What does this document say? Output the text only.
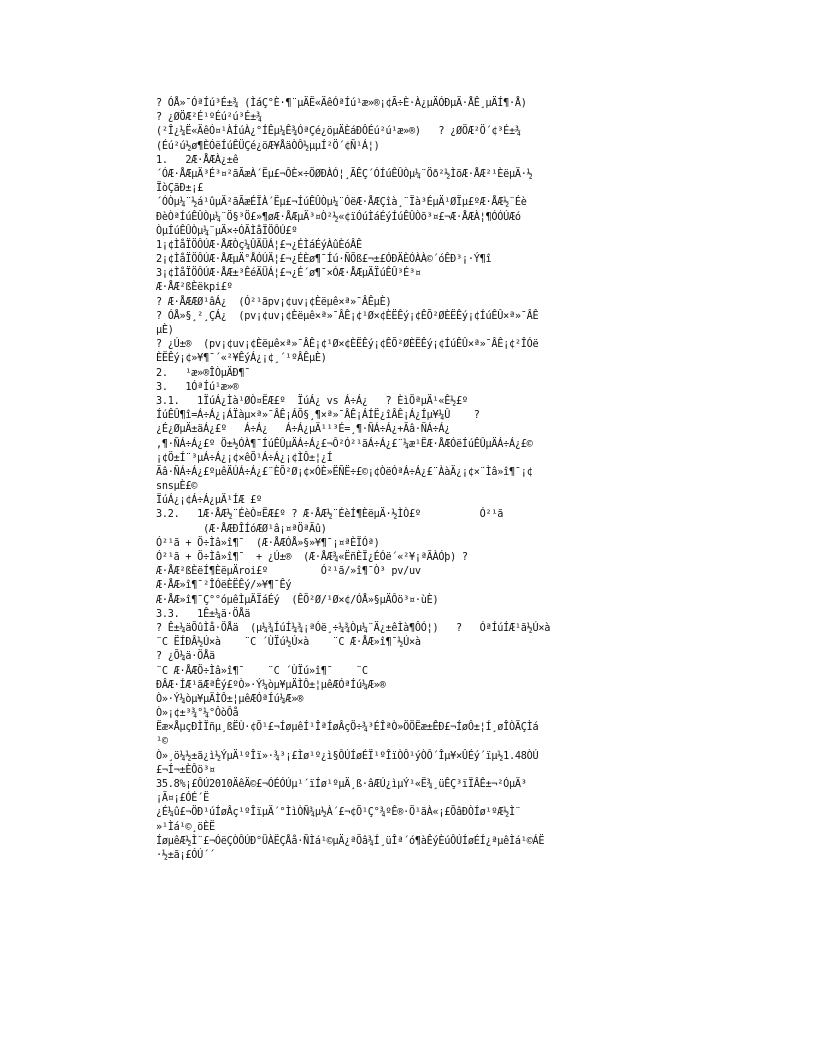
? ÓÅ»¯ÓªÍú³É±¾ (ÌáÇ°È·¶¨µÄË«ÄêÓªÍú¹æ»®¡¢Ã÷È·À¿µÄÓÐµÄ·ÅÊ¸µÄÍ¶·Å)
? ¿ØÖÆ²É¹ºÉú²ú³É±¾
(²Î¿¼Ë«ÄêÓ¤¹ÀÍúÀ¿°ÍÊµ¼Ê¾ÓªÇé¿öµÄÈáÐÔÉú²ú¹æ»®)   ? ¿ØÖÆ²Ö´¢³É±¾
(Éú²ú½ø¶ÈÓëÍúÊÜÇé¿öÆ¥ÅäÒÔ½µµÍ²Ö´¢Ñ¹Á¦)
1.   2Æ·ÅÆÀ¿±ê
´ÓÆ·ÅÆµÄ³É³¤²ãÃæÀ´Ëµ£¬ÔÈ×÷ÖØÐÀÓ¦¸ÃÊÇ´ÓÍúÊÛÒµ¼¨Öð²½ÌõÆ·ÅÆ²¹ÈëµÄ·½
ÏòÇãÐ±¡£
´ÓÒµ¼¨½á¹ûµÄ²ãÃæÉÏÀ´Ëµ£¬ÍúÊÛÒµ¼¨ÓëÆ·ÅÆÇîà¸¨Ïà³ÉµÄ¹ØÏµ£ºÆ·ÅÆ½¨Éè
ÐèÒªÍúÊÛÒµ¼¨Ö§³Ö£»¶øÆ·ÅÆµÄ³¤Ò²½«¢ïÓúÌáÉýÍúÊÛÒõ³¤£¬Æ·ÅÆÀ¦¶ÓÓÚÆó
ÒµÍúÊÛÒµ¼¨µÄ×÷ÓÃÌåÏÖÔÚ£º
1¡¢ÌåÏÖÔÚÆ·ÅÆÒç¼ÛÄÜÁ¦£¬¿ÉÌáÉýÀûÈóÂÊ
2¡¢ÌåÏÖÔÚÆ·ÅÆµÄ°ÅÓÚÄ¦£¬¿ÉÈø¶¯Íú·ÑÕß£¬±£ÓÐÄÈÓÀÀ©´óÊÐ³¡·Ý¶î
3¡¢ÌåÏÖÔÚÆ·ÅÆ±³ÊéÄÜÁ¦£¬¿É´ø¶¯×ÓÆ·ÅÆµÄÏúÊÛ³É³¤
Æ·ÅÆ²ßÈëkpi£º
? Æ·ÅÆÆØ¹âÁ¿  (Ó²¹ãpv¡¢uv¡¢Èëµê×ª»¯ÂÊµÈ)
? ÓÅ»§¸²¸ÇÁ¿  (pv¡¢uv¡¢Èëµê×ª»¯ÂÊ¡¢¹Ø×¢ÈËÊý¡¢ÊÕ²ØÈËÊý¡¢ÍúÊÛ×ª»¯ÂÊ
µÈ)
? ¿Ú±®  (pv¡¢uv¡¢Èëµê×ª»¯ÂÊ¡¢¹Ø×¢ÈËÊý¡¢ÊÕ²ØÈËÊý¡¢ÍúÊÛ×ª»¯ÂÊ¡¢²ÎÓë
ÈËÊý¡¢»¥¶¯´«²¥ÊýÁ¿¡¢¸´¹ºÂÊµÈ)
2.   ¹æ»®ÎÒµÄÐ¶¯
3.   1ÓªÍú¹æ»®
3.1.   1ÏúÁ¿Ìà¹ØÒ¤ËÆ£º  ÏúÁ¿ vs Á÷Á¿   ? ÈìÖªµÄ¹«Ê½£º
ÍúÊÛ¶î=Á÷Á¿¡ÁÏàµ×ª»¯ÂÊ¡ÁÕ§¸¶×ª»¯ÂÊ¡ÁÍË¿îÂÊ¡Á¿Íµ¥¼Û    ?
¿É¿ØµÄ±äÁ¿£º   Á÷Á¿   Á÷Á¿µÄ¹¹³É=¸¶·ÑÁ÷Á¿+Ãâ·ÑÁ÷Á¿
,¶·ÑÁ÷Á¿£º Ö±½ÓÀ¶¯ÍúÊÛµÄÁ÷Á¿£¬Ô²Ó²¹ãÁ÷Á¿£¨¼æ¹ËÆ·ÅÆÓëÍúÊÛµÄÁ÷Á¿£©
¡¢Ö±Í¨³µÁ÷Á¿¡¢×êÕ¹Á÷Á¿¡¢ÌÔ±¦¿Í
Ãâ·ÑÁ÷Á¿£ºµêÄÚÁ÷Á¿£¨ÈÕ²Ø¡¢×ÓÈ»ËÑË÷£©¡¢ÒëÓªÁ÷Á¿£¨ÀàÄ¿¡¢×¨Ìâ»î¶¯¡¢
snsµÈ£©
ÏúÁ¿¡¢Á÷Á¿µÄ¹ÍÆ £º
3.2.   1Æ·ÅÆ½¨ÉèÒ¤ËÆ£º ? Æ·ÅÆ½¨ÉèÍ¶ÈëµÄ·½ÌÒ£º          Ó²¹ã
(Æ·ÅÆÐÎÍóÆØ¹â¡¤ªÖªÃû)
Ó²¹ã + Ö÷Ìâ»î¶¯  (Æ·ÅÆÓÅ»§»¥¶¯¡¤ªÈÏÓª)
Ó²¹ã + Ö÷Ìâ»î¶¯  + ¿Ú±®  (Æ·ÅÆ¾«ËñÈÏ¿ÉÓë´«²¥¡ªÃÀÓþ) ?
Æ·ÅÆ²ßÈëÍ¶ÈëµÄroi£º         Ó²¹ã/»î¶¯Ò³ pv/uv
Æ·ÅÆ»î¶¯²ÎÓëÈËÊý/»¥¶¯Êý
Æ·ÅÆ»î¶¯Ç°°óµêÌµÄÏáÉý  (ÊÕ²Ø/¹Ø×¢/ÓÅ»§µÄÔö³¤·ùÈ)
3.3.   1Ê±¼ä·ÖÅä
? Ê±¼äÕûÌå·ÖÅä  (µ¼¾ÍúÍ¼¾¡ªÓë¸÷¼¾Òµ¼¨Ä¿±êÌà¶ÔÓ¦)   ?   ÓªÍúÍÆ¹ã½Ú×à
¨C ËÍÐÂ½Ú×à    ¨C ´ÙÏú½Ú×à    ¨C Æ·ÅÆ»î¶¯½Ú×à
? ¿Õ¼ä·ÖÅä
¨C Æ·ÅÆÖ÷Ìâ»î¶¯    ¨C ´ÙÏú»î¶¯    ¨C
ÐÂÆ·ÍÆ¹ãÆªÊý£ºÒ»·Ý¼òµ¥µÄÌÔ±¦µêÆÓªÍú¼Æ»®
Ò»·Ý¼òµ¥µÄÌÔ±¦µêÆÓªÍú¼Æ»®
Ò»¡¢±³¾°¼°ÔòÔå
Ëæ×ÅµçÐÌÏñµ¸ßËÙ·¢Õ¹£¬ÍøµêÍ¹ÎªÍøÂçÖ÷¾³ÉÎªÒ»ÖÖËæ±ÊÐ£¬ÍøÔ±¦Í¸øÎÒÃÇÌá
¹©
Ò»¸ö¼½±ã¿ì½ÝµÄ¹ºÎï»·¾³¡£Ìø¹º¿ì§ÔÚÍøÉÏ¹ºÎïÒÔ¹ýÒÔ´Îµ¥×ÛÉý´ïµ½1.48ÒÚ
£¬Í¬±ÈÔö³¤
35.8%¡£ÔÚ2010ÄêÄ©£¬ÓÉÓÚµ¹´ïÍø¹ºµÄ¸ß·âÆÚ¿ìµÝ¹«Ë¾¸üÊÇ³ïÏÂÊ±¬²ÓµÄ³
¡Ã¤¡£ÓÉ´Ë
¿É¼û£¬ÖÐ¹úÍøÂç¹ºÎïµÄ´°ÌìÒÑ¾µ½À´£¬¢Õ¹Ç°¾ºÊ®·Ö¹ãÀ«¡£ÕâÐÒÍø¹ºÆ½Ì¨
»¹Ìá¹©¸öÈË
ÍøµêÆ½Ì¨£¬ÓëÇÒÔÚÐ°ÜÀËÇÅå·ÑÌá¹©µÄ¿ªÕâ¾Í¸üÎª´ó¶àÊýÈúÔÚÍøÉÍ¿ªµêÌá¹©ÁË
·½±ã¡£ÓÚ´´
